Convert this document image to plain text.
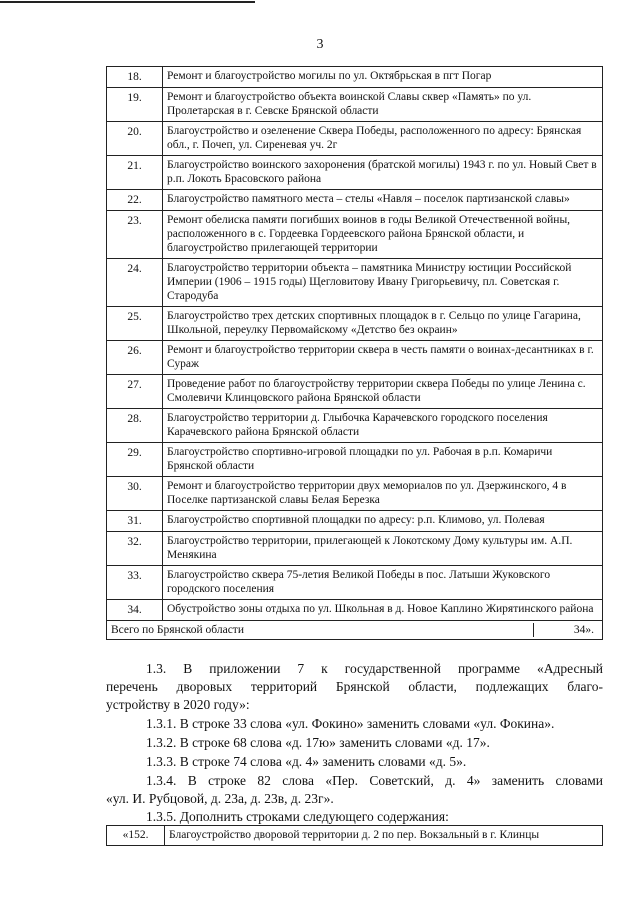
3
18.	Ремонт и благоустройство могилы по ул. Октябрьская в пгт Погар
19.	Ремонт и благоустройство объекта воинской Славы сквер «Память» по ул. Пролетарская в г. Севске Брянской области
20.	Благоустройство и озеленение Сквера Победы, расположенного по адресу: Брянская обл., г. Почеп, ул. Сиреневая уч. 2г
21.	Благоустройство воинского захоронения (братской могилы) 1943 г. по ул. Новый Свет в р.п. Локоть Брасовского района
22.	Благоустройство памятного места – стелы «Навля – поселок партизанской славы»
23.	Ремонт обелиска памяти погибших воинов в годы Великой Отечественной войны, расположенного в с. Гордеевка Гордеевского района Брянской области, и благоустройство прилегающей территории
24.	Благоустройство территории объекта – памятника Министру юстиции Российской Империи (1906 – 1915 годы) Щегловитову Ивану Григорьевичу, пл. Советская г. Стародуба
25.	Благоустройство трех детских спортивных площадок в г. Сельцо по улице Гагарина, Школьной, переулку Первомайскому «Детство без окраин»
26.	Ремонт и благоустройство территории сквера в честь памяти о воинах-десантниках в г. Сураж
27.	Проведение работ по благоустройству территории сквера Победы по улице Ленина с. Смолевичи Клинцовского района Брянской области
28.	Благоустройство территории д. Глыбочка Карачевского городского поселения Карачевского района Брянской области
29.	Благоустройство спортивно-игровой площадки по ул. Рабочая в р.п. Комаричи Брянской области
30.	Ремонт и благоустройство территории двух мемориалов по ул. Дзержинского, 4 в Поселке партизанской славы Белая Березка
31.	Благоустройство спортивной площадки по адресу: р.п. Климово, ул. Полевая
32.	Благоустройство территории, прилегающей к Локотскому Дому культуры им. А.П. Менякина
33.	Благоустройство сквера 75-летия Великой Победы в пос. Латыши Жуковского городского поселения
34.	Обустройство зоны отдыха по ул. Школьная в д. Новое Каплино Жирятинского района

Всего по Брянской области 34».	
1.3. В приложении 7 к государственной программе «Адресный
перечень дворовых территорий Брянской области, подлежащих благо-
устройству в 2020 году»:
1.3.1. В строке 33 слова «ул. Фокино» заменить словами «ул. Фокина».
1.3.2. В строке 68 слова «д. 17ю» заменить словами «д. 17».
1.3.3. В строке 74 слова «д. 4» заменить словами «д. 5».
1.3.4. В строке 82 слова «Пер. Советский, д. 4» заменить словами
«ул. И. Рубцовой, д. 23а, д. 23в, д. 23г».
1.3.5. Дополнить строками следующего содержания:
«152.	Благоустройство дворовой территории д. 2 по пер. Вокзальный в г. Клинцы
